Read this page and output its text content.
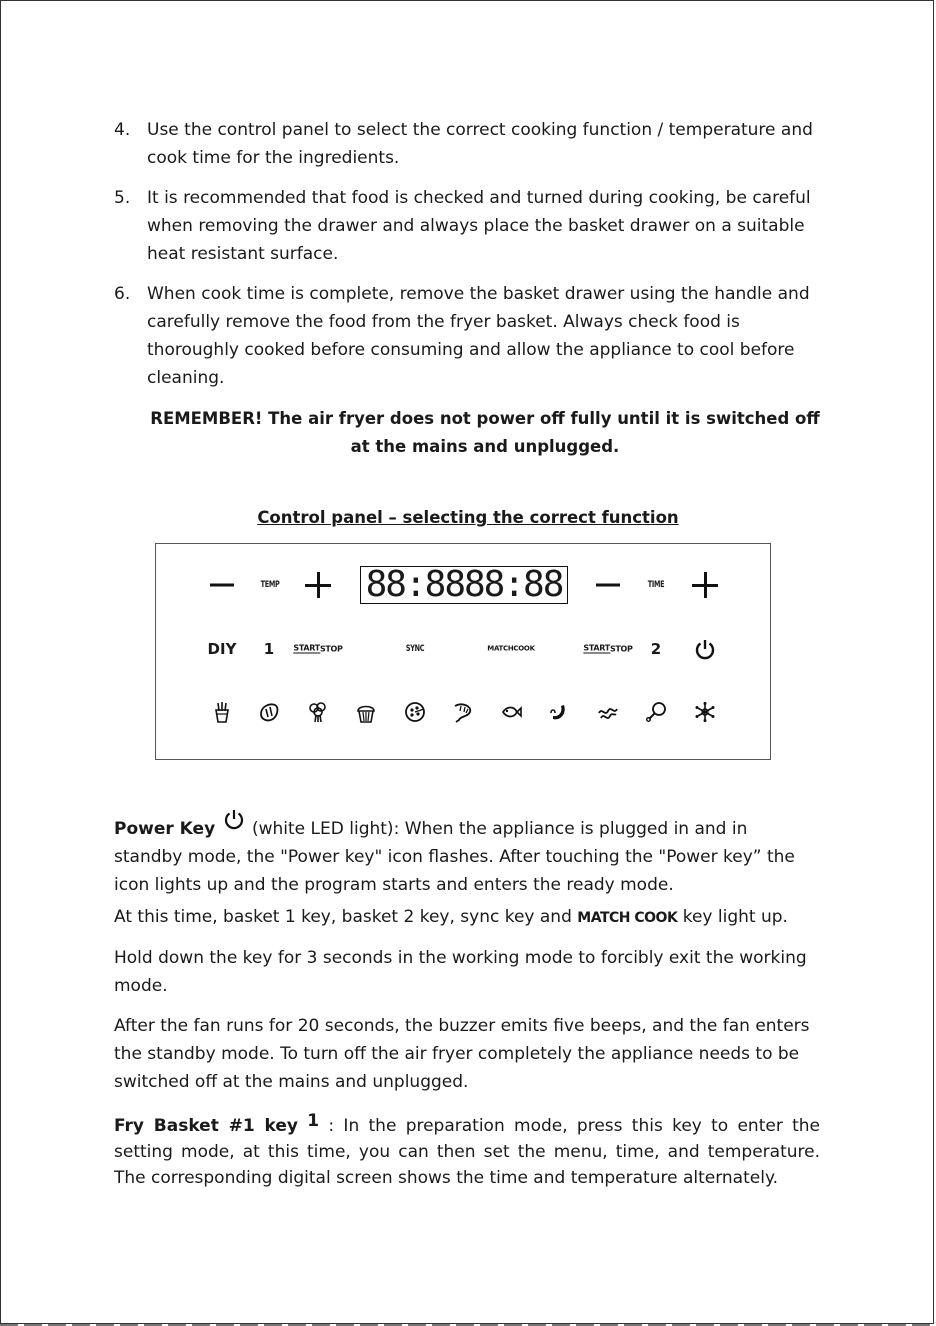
4. Use the control panel to select the correct cooking function / temperature and cook time for the ingredients.
5. It is recommended that food is checked and turned during cooking, be careful when removing the drawer and always place the basket drawer on a suitable heat resistant surface.
6. When cook time is complete, remove the basket drawer using the handle and carefully remove the food from the fryer basket. Always check food is thoroughly cooked before consuming and allow the appliance to cool before cleaning.
REMEMBER! The air fryer does not power off fully until it is switched off at the mains and unplugged.
Control panel – selecting the correct function
TEMP 88:8888:88	TIME
DIY 1 START STOP	SYNC	MATCH COOK	START STOP 2
Power Key (white LED light): When the appliance is plugged in and in standby mode, the "Power key" icon flashes. After touching the "Power key” the icon lights up and the program starts and enters the ready mode.
At this time, basket 1 key, basket 2 key, sync key and MATCH COOK key light up.
Hold down the key for 3 seconds in the working mode to forcibly exit the working mode.
After the fan runs for 20 seconds, the buzzer emits five beeps, and the fan enters the standby mode. To turn off the air fryer completely the appliance needs to be switched off at the mains and unplugged.
Fry Basket #1 key 1 : In the preparation mode, press this key to enter the setting mode, at this time, you can then set the menu, time, and temperature. The corresponding digital screen shows the time and temperature alternately.
